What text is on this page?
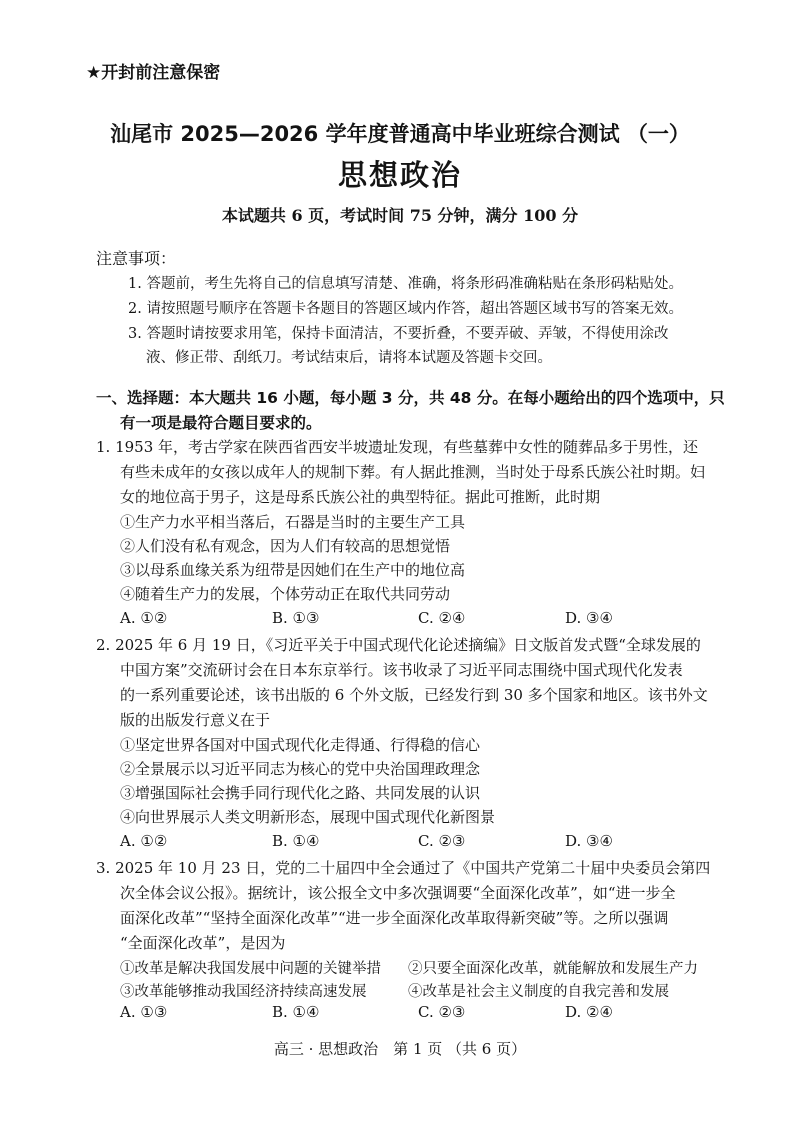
★开封前注意保密
汕尾市 2025—2026 学年度普通高中毕业班综合测试 （一）
思想政治
本试题共 6 页，考试时间 75 分钟，满分 100 分
注意事项：
1. 答题前，考生先将自己的信息填写清楚、准确，将条形码准确粘贴在条形码粘贴处。
2. 请按照题号顺序在答题卡各题目的答题区域内作答，超出答题区域书写的答案无效。
3. 答题时请按要求用笔，保持卡面清洁，不要折叠，不要弄破、弄皱，不得使用涂改
液、修正带、刮纸刀。考试结束后，请将本试题及答题卡交回。
一、选择题：本大题共 16 小题，每小题 3 分，共 48 分。在每小题给出的四个选项中，只
有一项是最符合题目要求的。
1. 1953 年，考古学家在陕西省西安半坡遗址发现，有些墓葬中女性的随葬品多于男性，还
有些未成年的女孩以成年人的规制下葬。有人据此推测，当时处于母系氏族公社时期。妇
女的地位高于男子，这是母系氏族公社的典型特征。据此可推断，此时期
①生产力水平相当落后，石器是当时的主要生产工具
②人们没有私有观念，因为人们有较高的思想觉悟
③以母系血缘关系为纽带是因她们在生产中的地位高
④随着生产力的发展，个体劳动正在取代共同劳动
A. ①②	B. ①③	C. ②④	D. ③④
2. 2025 年 6 月 19 日，《习近平关于中国式现代化论述摘编》日文版首发式暨“全球发展的
中国方案”交流研讨会在日本东京举行。该书收录了习近平同志围绕中国式现代化发表
的一系列重要论述，该书出版的 6 个外文版，已经发行到 30 多个国家和地区。该书外文
版的出版发行意义在于
①坚定世界各国对中国式现代化走得通、行得稳的信心
②全景展示以习近平同志为核心的党中央治国理政理念
③增强国际社会携手同行现代化之路、共同发展的认识
④向世界展示人类文明新形态，展现中国式现代化新图景
A. ①②	B. ①④	C. ②③	D. ③④
3. 2025 年 10 月 23 日，党的二十届四中全会通过了《中国共产党第二十届中央委员会第四
次全体会议公报》。据统计，该公报全文中多次强调要“全面深化改革”，如“进一步全
面深化改革”“坚持全面深化改革”“进一步全面深化改革取得新突破”等。之所以强调
“全面深化改革”，是因为
①改革是解决我国发展中问题的关键举措 ②只要全面深化改革，就能解放和发展生产力
③改革能够推动我国经济持续高速发展	④改革是社会主义制度的自我完善和发展
A. ①③	B. ①④	C. ②③	D. ②④
高三 · 思想政治　第 1 页 （共 6 页）
